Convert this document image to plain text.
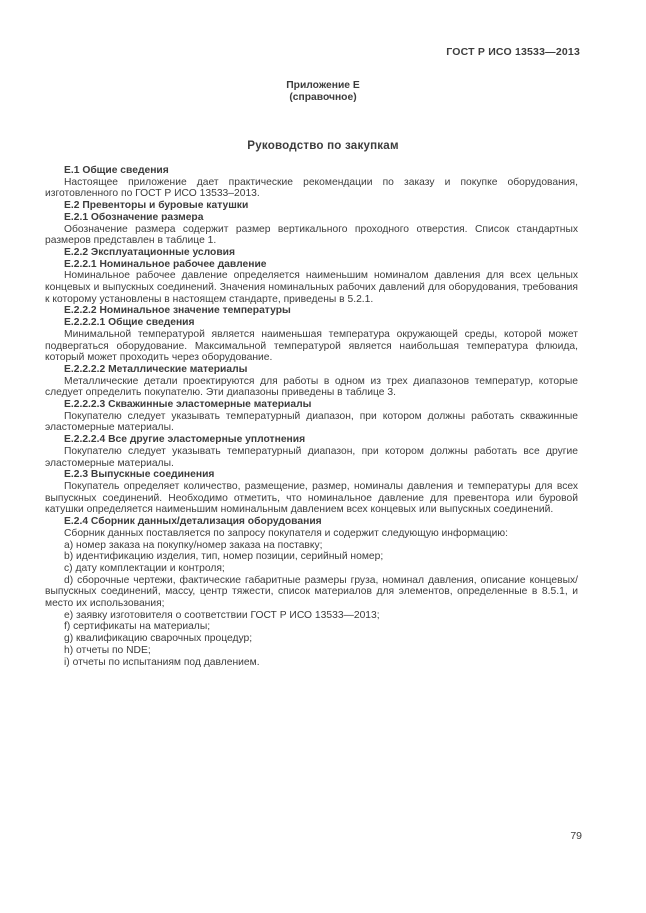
ГОСТ Р ИСО 13533—2013
Приложение Е
(справочное)
Руководство по закупкам

Е.1 Общие сведения

Настоящее приложение дает практические рекомендации по заказу и покупке оборудования, изготовленного по ГОСТ Р ИСО 13533–2013.

Е.2 Превенторы и буровые катушки

Е.2.1 Обозначение размера

Обозначение размера содержит размер вертикального проходного отверстия. Список стандартных размеров представлен в таблице 1.

Е.2.2 Эксплуатационные условия

Е.2.2.1 Номинальное рабочее давление

Номинальное рабочее давление определяется наименьшим номиналом давления для всех цельных концевых и выпускных соединений. Значения номинальных рабочих давлений для оборудования, требования к которому установлены в настоящем стандарте, приведены в 5.2.1.

Е.2.2.2 Номинальное значение температуры

Е.2.2.2.1 Общие сведения

Минимальной температурой является наименьшая температура окружающей среды, которой может подвергаться оборудование. Максимальной температурой является наибольшая температура флюида, который может проходить через оборудование.

Е.2.2.2.2 Металлические материалы

Металлические детали проектируются для работы в одном из трех диапазонов температур, которые следует определить покупателю. Эти диапазоны приведены в таблице 3.

Е.2.2.2.3 Скважинные эластомерные материалы

Покупателю следует указывать температурный диапазон, при котором должны работать скважинные эластомерные материалы.

Е.2.2.2.4 Все другие эластомерные уплотнения

Покупателю следует указывать температурный диапазон, при котором должны работать все другие эластомерные материалы.

Е.2.3 Выпускные соединения

Покупатель определяет количество, размещение, размер, номиналы давления и температуры для всех выпускных соединений. Необходимо отметить, что номинальное давление для превентора или буровой катушки определяется наименьшим номинальным давлением всех концевых или выпускных соединений.

Е.2.4 Сборник данных/детализация оборудования

Сборник данных поставляется по запросу покупателя и содержит следующую информацию:

a) номер заказа на покупку/номер заказа на поставку;

b) идентификацию изделия, тип, номер позиции, серийный номер;

c) дату комплектации и контроля;

d) сборочные чертежи, фактические габаритные размеры груза, номинал давления, описание концевых/выпускных соединений, массу, центр тяжести, список материалов для элементов, определенные в 8.5.1, и место их использования;

e) заявку изготовителя о соответствии ГОСТ Р ИСО 13533—2013;

f) сертификаты на материалы;

g) квалификацию сварочных процедур;

h) отчеты по NDE;

i) отчеты по испытаниям под давлением.

79
